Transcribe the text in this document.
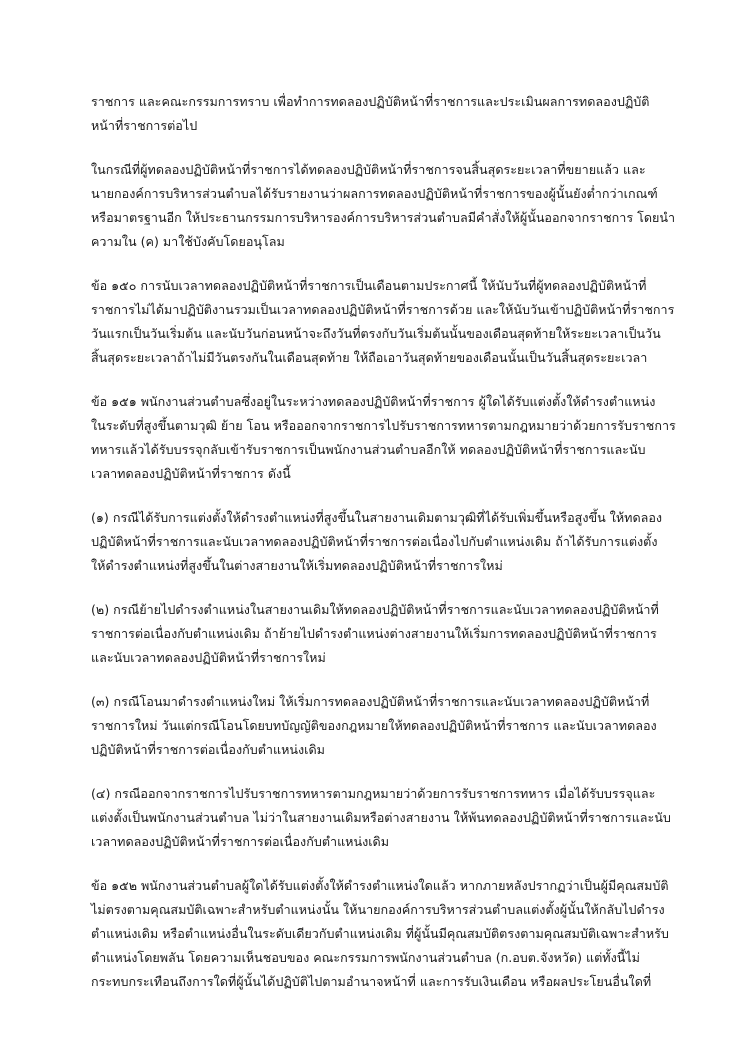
ราชการ และคณะกรรมการทราบ เพื่อทำการทดลองปฏิบัติหน้าที่ราชการและประเมินผลการทดลองปฏิบัติ
หน้าที่ราชการต่อไป

ในกรณีที่ผู้ทดลองปฏิบัติหน้าที่ราชการได้ทดลองปฏิบัติหน้าที่ราชการจนสิ้นสุดระยะเวลาที่ขยายแล้ว และ
นายกองค์การบริหารส่วนตำบลได้รับรายงานว่าผลการทดลองปฏิบัติหน้าที่ราชการของผู้นั้นยังต่ำกว่าเกณฑ์
หรือมาตรฐานอีก ให้ประธานกรรมการบริหารองค์การบริหารส่วนตำบลมีคำสั่งให้ผู้นั้นออกจากราชการ โดยนำ
ความใน (ค) มาใช้บังคับโดยอนุโลม

ข้อ ๑๕๐ การนับเวลาทดลองปฏิบัติหน้าที่ราชการเป็นเดือนตามประกาศนี้ ให้นับวันที่ผู้ทดลองปฏิบัติหน้าที่
ราชการไม่ได้มาปฏิบัติงานรวมเป็นเวลาทดลองปฏิบัติหน้าที่ราชการด้วย และให้นับวันเข้าปฏิบัติหน้าที่ราชการ
วันแรกเป็นวันเริ่มต้น และนับวันก่อนหน้าจะถึงวันที่ตรงกับวันเริ่มต้นนั้นของเดือนสุดท้ายให้ระยะเวลาเป็นวัน
สิ้นสุดระยะเวลาถ้าไม่มีวันตรงกันในเดือนสุดท้าย ให้ถือเอาวันสุดท้ายของเดือนนั้นเป็นวันสิ้นสุดระยะเวลา

ข้อ ๑๕๑ พนักงานส่วนตำบลซึ่งอยู่ในระหว่างทดลองปฏิบัติหน้าที่ราชการ ผู้ใดได้รับแต่งตั้งให้ดำรงตำแหน่ง
ในระดับที่สูงขึ้นตามวุฒิ ย้าย โอน หรือออกจากราชการไปรับราชการทหารตามกฎหมายว่าด้วยการรับราชการ
ทหารแล้วได้รับบรรจุกลับเข้ารับราชการเป็นพนักงานส่วนตำบลอีกให้ ทดลองปฏิบัติหน้าที่ราชการและนับ
เวลาทดลองปฏิบัติหน้าที่ราชการ ดังนี้

(๑) กรณีได้รับการแต่งตั้งให้ดำรงตำแหน่งที่สูงขึ้นในสายงานเดิมตามวุฒิที่ได้รับเพิ่มขึ้นหรือสูงขึ้น ให้ทดลอง
ปฏิบัติหน้าที่ราชการและนับเวลาทดลองปฏิบัติหน้าที่ราชการต่อเนื่องไปกับตำแหน่งเดิม ถ้าได้รับการแต่งตั้ง
ให้ดำรงตำแหน่งที่สูงขึ้นในต่างสายงานให้เริ่มทดลองปฏิบัติหน้าที่ราชการใหม่

(๒) กรณีย้ายไปดำรงตำแหน่งในสายงานเดิมให้ทดลองปฏิบัติหน้าที่ราชการและนับเวลาทดลองปฏิบัติหน้าที่
ราชการต่อเนื่องกับตำแหน่งเดิม ถ้าย้ายไปดำรงตำแหน่งต่างสายงานให้เริ่มการทดลองปฏิบัติหน้าที่ราชการ
และนับเวลาทดลองปฏิบัติหน้าที่ราชการใหม่

(๓) กรณีโอนมาดำรงตำแหน่งใหม่ ให้เริ่มการทดลองปฏิบัติหน้าที่ราชการและนับเวลาทดลองปฏิบัติหน้าที่
ราชการใหม่ วันแต่กรณีโอนโดยบทบัญญัติของกฎหมายให้ทดลองปฏิบัติหน้าที่ราชการ และนับเวลาทดลอง
ปฏิบัติหน้าที่ราชการต่อเนื่องกับตำแหน่งเดิม

(๔) กรณีออกจากราชการไปรับราชการทหารตามกฎหมายว่าด้วยการรับราชการทหาร เมื่อได้รับบรรจุและ
แต่งตั้งเป็นพนักงานส่วนตำบล ไม่ว่าในสายงานเดิมหรือต่างสายงาน ให้พ้นทดลองปฏิบัติหน้าที่ราชการและนับ
เวลาทดลองปฏิบัติหน้าที่ราชการต่อเนื่องกับตำแหน่งเดิม

ข้อ ๑๕๒ พนักงานส่วนตำบลผู้ใดได้รับแต่งตั้งให้ดำรงตำแหน่งใดแล้ว หากภายหลังปรากฏว่าเป็นผู้มีคุณสมบัติ
ไม่ตรงตามคุณสมบัติเฉพาะสำหรับตำแหน่งนั้น ให้นายกองค์การบริหารส่วนตำบลแต่งตั้งผู้นั้นให้กลับไปดำรง
ตำแหน่งเดิม หรือตำแหน่งอื่นในระดับเดียวกับตำแหน่งเดิม ที่ผู้นั้นมีคุณสมบัติตรงตามคุณสมบัติเฉพาะสำหรับ
ตำแหน่งโดยพลัน โดยความเห็นชอบของ คณะกรรมการพนักงานส่วนตำบล (ก.อบต.จังหวัด) แต่ทั้งนี้ไม่
กระทบกระเทือนถึงการใดที่ผู้นั้นได้ปฏิบัติไปตามอำนาจหน้าที่ และการรับเงินเดือน หรือผลประโยนอื่นใดที่
